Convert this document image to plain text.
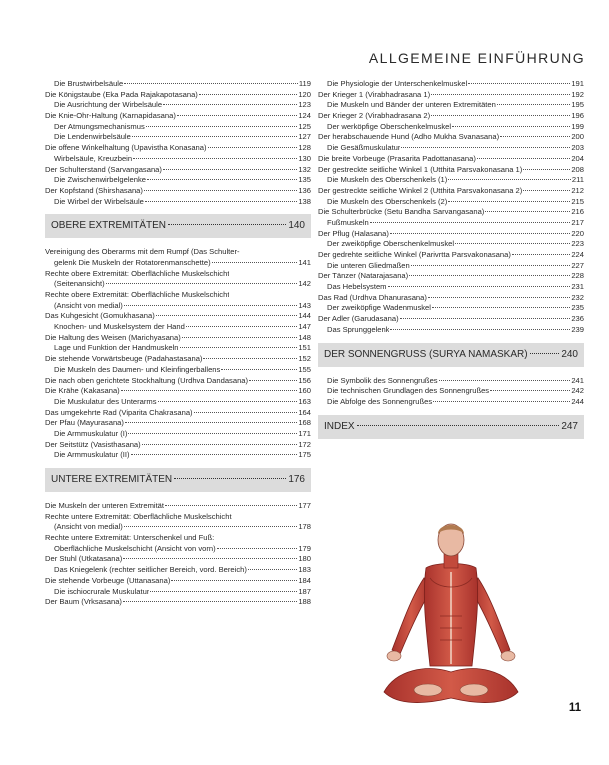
ALLGEMEINE EINFÜHRUNG
Die Brustwirbelsäule	119
Die Königstaube (Eka Pada Rajakapotasana)	120
Die Ausrichtung der Wirbelsäule	123
Die Knie-Ohr-Haltung (Karnapidasana)	124
Der Atmungsmechanismus	125
Die Lendenwirbelsäule	127
Die offene Winkelhaltung (Upavistha Konasana)	128
Wirbelsäule, Kreuzbein	130
Der Schulterstand (Sarvangasana)	132
Die Zwischenwirbelgelenke	135
Der Kopfstand (Shirshasana)	136
Die Wirbel der Wirbelsäule	138
OBERE EXTREMITÄTEN	140
Vereinigung des Oberarms mit dem Rumpf (Das Schulter-
gelenk Die Muskeln der Rotatorenmanschette)	141
Rechte obere Extremität: Oberflächliche Muskelschicht
(Seitenansicht)	142
Rechte obere Extremität: Oberflächliche Muskelschicht
(Ansicht von medial)	143
Das Kuhgesicht (Gomukhasana)	144
Knochen- und Muskelsystem der Hand	147
Die Haltung des Weisen (Marichyasana)	148
Lage und Funktion der Handmuskeln	151
Die stehende Vorwärtsbeuge (Padahastasana)	152
Die Muskeln des Daumen- und Kleinfingerballens	155
Die nach oben gerichtete Stockhaltung (Urdhva Dandasana)	156
Die Krähe (Kakasana)	160
Die Muskulatur des Unterarms	163
Das umgekehrte Rad (Viparita Chakrasana)	164
Der Pfau (Mayurasana)	168
Die Armmuskulatur (I)	171
Der Seitstütz (Vasisthasana)	172
Die Armmuskulatur (II)	175
UNTERE EXTREMITÄTEN	176
Die Muskeln der unteren Extremität	177
Rechte untere Extremität: Oberflächliche Muskelschicht
(Ansicht von medial)	178
Rechte untere Extremität: Unterschenkel und Fuß:
Oberflächliche Muskelschicht (Ansicht von vorn)	179
Der Stuhl (Utkatasana)	180
Das Kniegelenk (rechter seitlicher Bereich, vord. Bereich)	183
Die stehende Vorbeuge (Uttanasana)	184
Die ischiocrurale Muskulatur	187
Der Baum (Vrksasana)	188
Die Physiologie der Unterschenkelmuskel	191
Der Krieger 1 (Virabhadrasana 1)	192
Die Muskeln und Bänder der unteren Extremitäten	195
Der Krieger 2 (Virabhadrasana 2)	196
Der werköpfige Oberschenkelmuskel	199
Der herabschauende Hund (Adho Mukha Svanasana)	200
Die Gesäßmuskulatur	203
Die breite Vorbeuge (Prasarita Padottanasana)	204
Der gestreckte seitliche Winkel 1 (Utthita Parsvakonasana 1)	208
Die Muskeln des Oberschenkels (1)	211
Der gestreckte seitliche Winkel 2 (Utthita Parsvakonasana 2)	212
Die Muskeln des Oberschenkels (2)	215
Die Schulterbrücke (Setu Bandha Sarvangasana)	216
Fußmuskeln	217
Der Pflug (Halasana)	220
Der zweiköpfige Oberschenkelmuskel	223
Der gedrehte seitliche Winkel (Parivrtta Parsvakonasana)	224
Die unteren Gliedmaßen	227
Der Tänzer (Natarajasana)	228
Das Hebelsystem	231
Das Rad (Urdhva Dhanurasana)	232
Der zweiköpfige Wadenmuskel	235
Der Adler (Garudasana)	236
Das Sprunggelenk	239
DER SONNENGRUSS (SURYA NAMASKAR)	240
Die Symbolik des Sonnengrußes	241
Die technischen Grundlagen des Sonnengrußes	242
Die Abfolge des Sonnengrußes	244
INDEX	247
11
